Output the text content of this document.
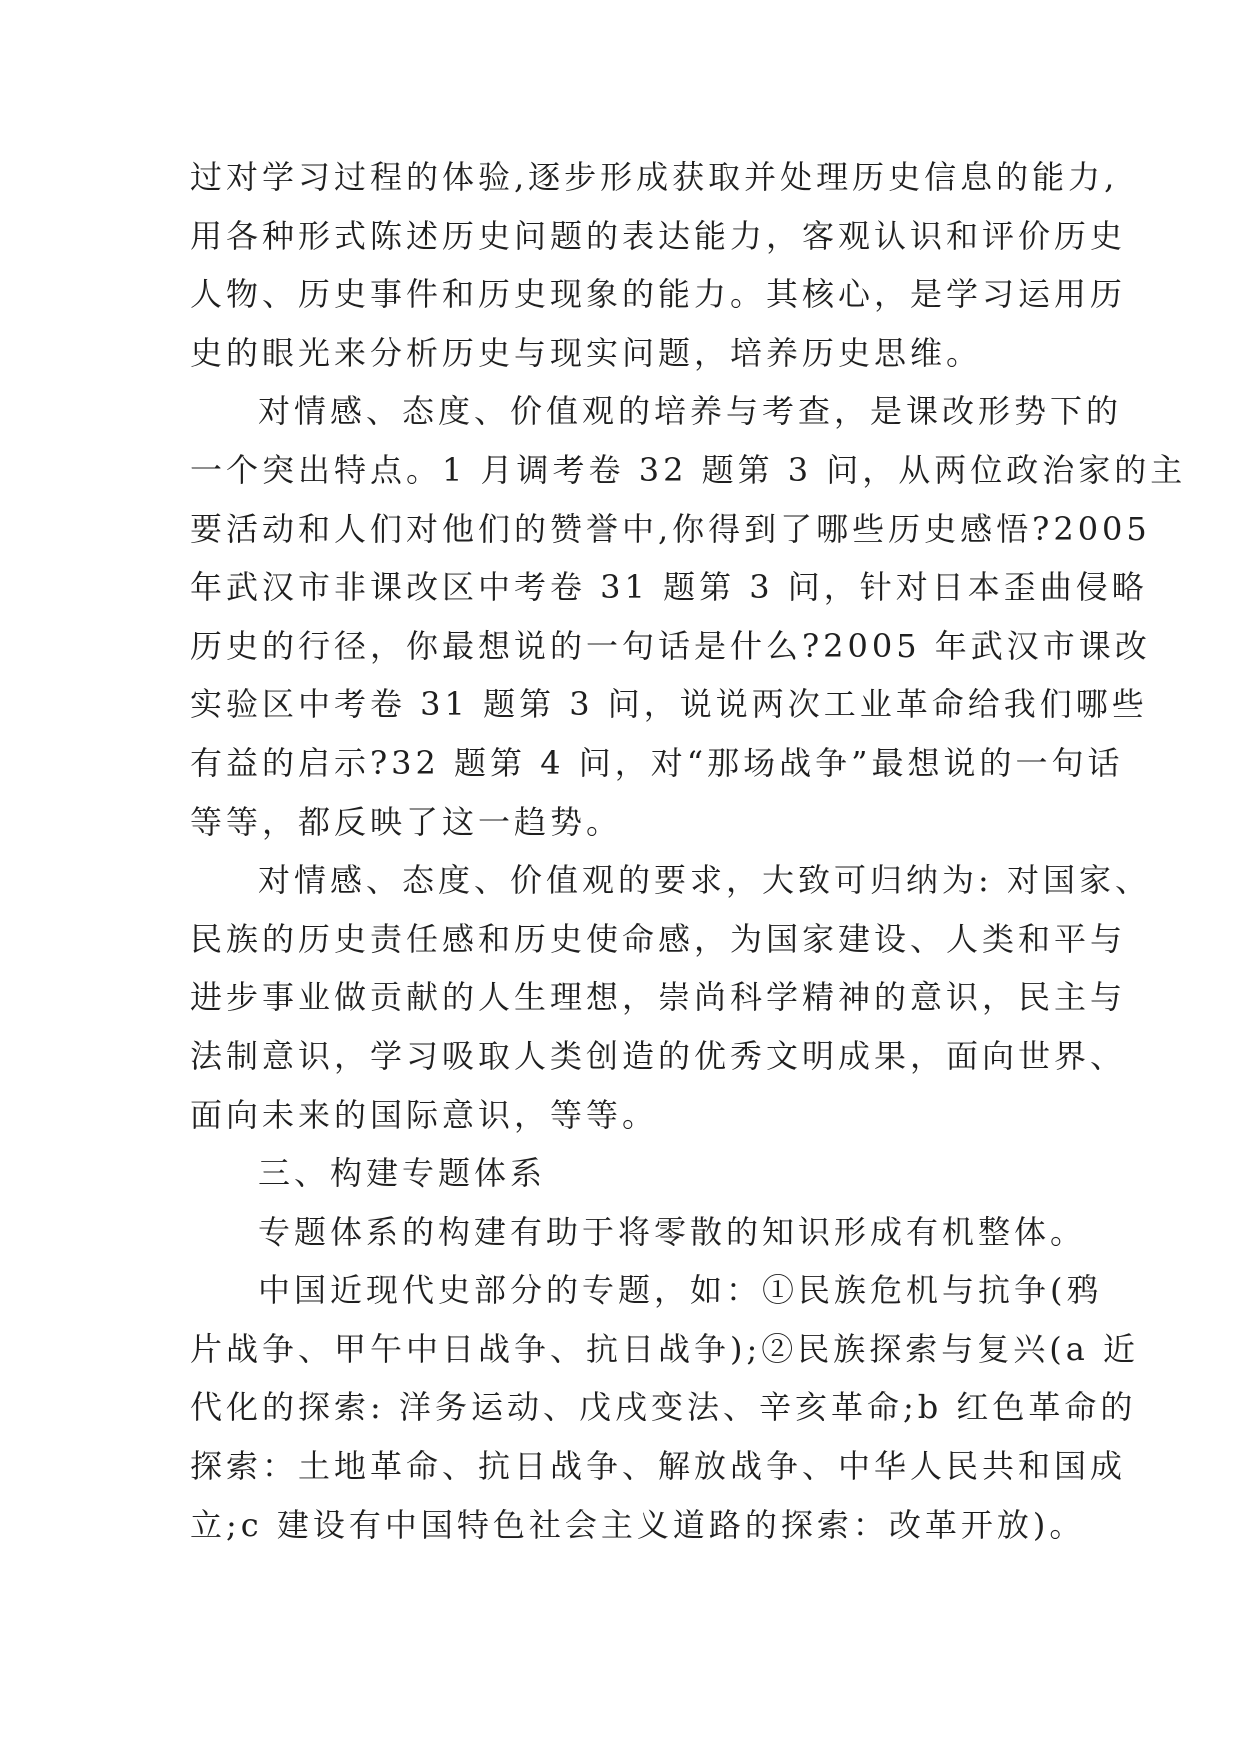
过对学习过程的体验,逐步形成获取并处理历史信息的能力,
用各种形式陈述历史问题的表达能力，客观认识和评价历史
人物、历史事件和历史现象的能力。其核心，是学习运用历
史的眼光来分析历史与现实问题，培养历史思维。
对情感、态度、价值观的培养与考查，是课改形势下的
一个突出特点。1 月调考卷 32 题第 3 问，从两位政治家的主
要活动和人们对他们的赞誉中,你得到了哪些历史感悟?2005
年武汉市非课改区中考卷 31 题第 3 问，针对日本歪曲侵略
历史的行径，你最想说的一句话是什么?2005 年武汉市课改
实验区中考卷 31 题第 3 问，说说两次工业革命给我们哪些
有益的启示?32 题第 4 问，对“那场战争”最想说的一句话
等等，都反映了这一趋势。
对情感、态度、价值观的要求，大致可归纳为: 对国家、
民族的历史责任感和历史使命感，为国家建设、人类和平与
进步事业做贡献的人生理想，崇尚科学精神的意识，民主与
法制意识，学习吸取人类创造的优秀文明成果，面向世界、
面向未来的国际意识，等等。
三、构建专题体系
专题体系的构建有助于将零散的知识形成有机整体。
中国近现代史部分的专题，如：①民族危机与抗争(鸦
片战争、甲午中日战争、抗日战争);②民族探索与复兴(a 近
代化的探索: 洋务运动、戊戌变法、辛亥革命;b 红色革命的
探索：土地革命、抗日战争、解放战争、中华人民共和国成
立;c 建设有中国特色社会主义道路的探索：改革开放)。
